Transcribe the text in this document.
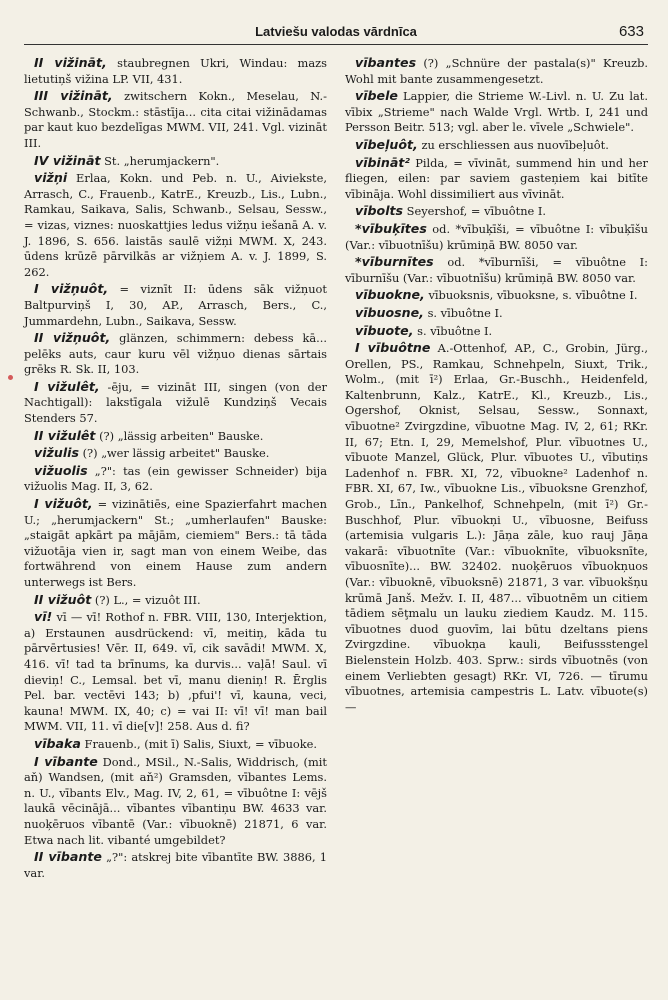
Latviešu valodas vārdnīca	633

II vižināt, staubregnen Ukri, Windau: mazs lietutiņš vižina LP. VII, 431.

III vižināt, zwitschern Kokn., Meselau, N.-Schwanb., Stockm.: stāstīja... cita citai vižinādamas par kaut kuo bezdelīgas MWM. VII, 241. Vgl. vizināt III.

IV vižināt St. „herumjackern".

vižņi Erlaa, Kokn. und Peb. n. U., Aiviekste, Arrasch, C., Frauenb., KatrE., Kreuzb., Lis., Lubn., Ramkau, Saikava, Salis, Schwanb., Selsau, Sessw., = vizas, viznes: nuoskattjies ledus vižņu iešanā A. v. J. 1896, S. 656. laistās saulē vižņi MWM. X, 243. ūdens krūzē pārvilkās ar vižņiem A. v. J. 1899, S. 262.

I vižņuôt, = viznīt II: ūdens sāk vižņuot Baltpurviņš I, 30, AP., Arrasch, Bers., C., Jummardehn, Lubn., Saikava, Sessw.

II vižņuôt, glänzen, schimmern: debess kā... pelēks auts, caur kuru vēl vižņuo dienas sārtais grēks R. Sk. II, 103.

I vižulêt, -ēju, = vizināt III, singen (von der Nachtigall): lakstīgala vižulē Kundziņš Vecais Stenders 57.

II vižulêt (?) „lässig arbeiten" Bauske.

vižulis (?) „wer lässig arbeitet" Bauske.

vižuolis „?": tas (ein gewisser Schneider) bija vižuolis Mag. II, 3, 62.

I vižuôt, = vizinātiēs, eine Spazierfahrt machen U.; „herumjackern" St.; „umherlaufen" Bauske: „staigāt apkārt pa mājām, ciemiem" Bers.: tā tāda vižuotāja vien ir, sagt man von einem Weibe, das fortwährend von einem Hause zum andern unterwegs ist Bers.

II vižuôt (?) L., = vizuôt III.

vī! vī — vī! Rothof n. FBR. VIII, 130, Interjektion, a) Erstaunen ausdrückend: vī, meitiņ, kāda tu pārvērtusies! Vēr. II, 649. vī, cik savādi! MWM. X, 416. vī! tad ta brīnums, ka durvis... vaļā! Saul. vī dieviņ! C., Lemsal. bet vī, manu dieniņ! R. Ērglis Pel. bar. vectēvi 143; b) ‚pfui'! vī, kauna, veci, kauna! MWM. IX, 40; c) = vai II: vī! vī! man bail MWM. VII, 11. vī die[v]! 258. Aus d. fi?

vībaka Frauenb., (mit ī) Salis, Siuxt, = vībuoke.

I vībante Dond., MSil., N.-Salis, Widdrisch, (mit aň) Wandsen, (mit aň²) Gramsden, vībantes Lems. n. U., vībants Elv., Mag. IV, 2, 61, = vībuôtne I: vējš laukā vēcinājā... vībantes vībantiņu BW. 4633 var. nuoķēruos vībantē (Var.: vībuoknē) 21871, 6 var. Etwa nach lit. vibanté umgebildet?

II vībante „?": atskrej bite vībantīte BW. 3886, 1 var.

vībantes (?) „Schnüre der pastala(s)" Kreuzb. Wohl mit bante zusammengesetzt.

vībele Lappier, die Strieme W.-Livl. n. U. Zu lat. vībix „Strieme" nach Walde Vrgl. Wrtb. I, 241 und Persson Beitr. 513; vgl. aber le. vīvele „Schwiele".

vībeļuôt, zu erschliessen aus nuovībeļuôt.

vībināt² Pilda, = vīvināt, summend hin und her fliegen, eilen: par saviem gasteņiem kai bitīte vībināja. Wohl dissimiliert aus vīvināt.

vībolts Seyershof, = vībuôtne I.

*vībuķītes od. *vībuķīši, = vībuôtne I: vībuķīšu (Var.: vībuotnīšu) krūmiņā BW. 8050 var.

*vīburnītes od. *vīburnīši, = vībuôtne I: vīburnīšu (Var.: vībuotnīšu) krūmiņā BW. 8050 var.

vībuokne, vībuoksnis, vībuoksne, s. vībuôtne I.

vībuosne, s. vībuôtne I.

vībuote, s. vībuôtne I.

I vībuôtne A.-Ottenhof, AP., C., Grobin, Jürg., Orellen, PS., Ramkau, Schnehpeln, Siuxt, Trik., Wolm., (mit ī²) Erlaa, Gr.-Buschh., Heidenfeld, Kaltenbrunn, Kalz., KatrE., Kl., Kreuzb., Lis., Ogershof, Oknist, Selsau, Sessw., Sonnaxt, vībuotne² Zvirgzdine, vībuotne Mag. IV, 2, 61; RKr. II, 67; Etn. I, 29, Memelshof, Plur. vībuotnes U., vībuote Manzel, Glück, Plur. vībuotes U., vībutiņs Ladenhof n. FBR. XI, 72, vībuokne² Ladenhof n. FBR. XI, 67, Iw., vībuokne Lis., vībuoksne Grenzhof, Grob., Līn., Pankelhof, Schnehpeln, (mit ī²) Gr.-Buschhof, Plur. vībuokņi U., vībuosne, Beifuss (artemisia vulgaris L.): Jāņa zāle, kuo rauj Jāņa vakarā: vībuotnīte (Var.: vībuoknīte, vībuoksnīte, vībuosnīte)... BW. 32402. nuoķēruos vībuokņuos (Var.: vībuoknē, vībuoksnē) 21871, 3 var. vībuokšņu krūmā Janš. Mežv. I. II, 487... vībuotnēm un citiem tādiem sēţmalu un lauku ziediem Kaudz. M. 115. vībuotnes duod guovīm, lai būtu dzeltans piens Zvirgzdine. vībuokņa kauli, Beifussstengel Bielenstein Holzb. 403. Sprw.: sirds vībuotnēs (von einem Verliebten gesagt) RKr. VI, 726. — tīrumu vībuotnes, artemisia campestris L. Latv. vībuote(s) —
